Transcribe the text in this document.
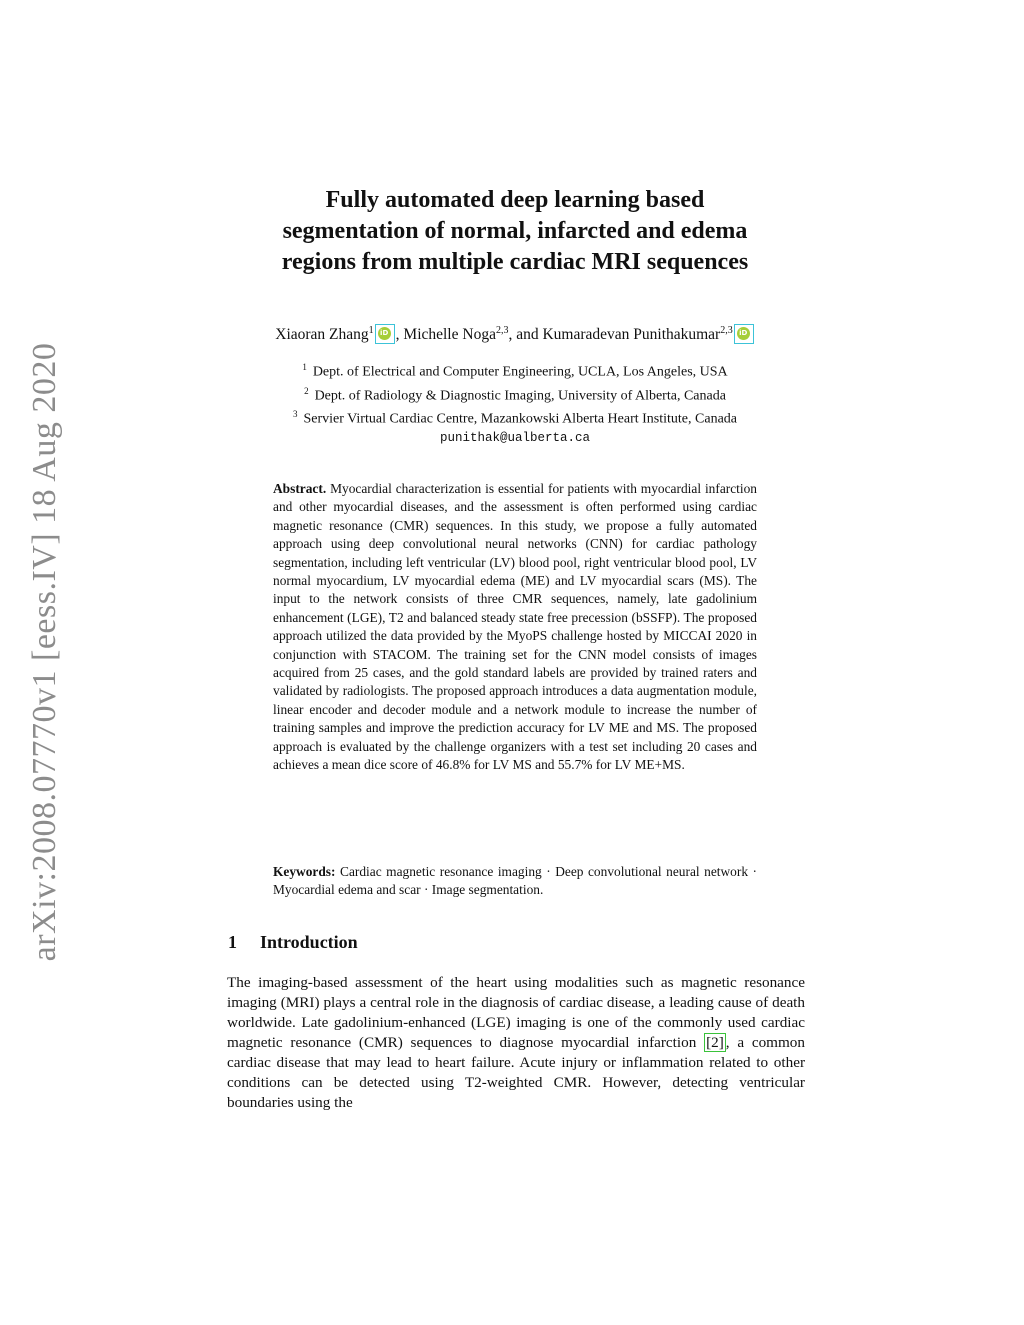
arXiv:2008.07770v1 [eess.IV] 18 Aug 2020
Fully automated deep learning based
segmentation of normal, infarcted and edema
regions from multiple cardiac MRI sequences
Xiaoran Zhang$^1$iD , Michelle Noga$^{2,3}$, and Kumaradevan Punithakumar$^{2,3}$iD
$^1$ Dept. of Electrical and Computer Engineering, UCLA, Los Angeles, USA
$^2$ Dept. of Radiology & Diagnostic Imaging, University of Alberta, Canada
$^3$ Servier Virtual Cardiac Centre, Mazankowski Alberta Heart Institute, Canada
punithak@ualberta.ca
Abstract. Myocardial characterization is essential for patients with myocardial infarction and other myocardial diseases, and the assessment is often performed using cardiac magnetic resonance (CMR) sequences. In this study, we propose a fully automated approach using deep convolutional neural networks (CNN) for cardiac pathology segmentation, including left ventricular (LV) blood pool, right ventricular blood pool, LV normal myocardium, LV myocardial edema (ME) and LV myocardial scars (MS). The input to the network consists of three CMR sequences, namely, late gadolinium enhancement (LGE), T2 and balanced steady state free precession (bSSFP). The proposed approach utilized the data provided by the MyoPS challenge hosted by MICCAI 2020 in conjunction with STACOM. The training set for the CNN model consists of images acquired from 25 cases, and the gold standard labels are provided by trained raters and validated by radiologists. The proposed approach introduces a data augmentation module, linear encoder and decoder module and a network module to increase the number of training samples and improve the prediction accuracy for LV ME and MS. The proposed approach is evaluated by the challenge organizers with a test set including 20 cases and achieves a mean dice score of 46.8% for LV MS and 55.7% for LV ME+MS.
Keywords: Cardiac magnetic resonance imaging · Deep convolutional neural network · Myocardial edema and scar · Image segmentation.
1 Introduction
The imaging-based assessment of the heart using modalities such as magnetic resonance imaging (MRI) plays a central role in the diagnosis of cardiac disease, a leading cause of death worldwide. Late gadolinium-enhanced (LGE) imaging is one of the commonly used cardiac magnetic resonance (CMR) sequences to diagnose myocardial infarction [2] , a common cardiac disease that may lead to heart failure. Acute injury or inflammation related to other conditions can be detected using T2-weighted CMR. However, detecting ventricular boundaries using the
